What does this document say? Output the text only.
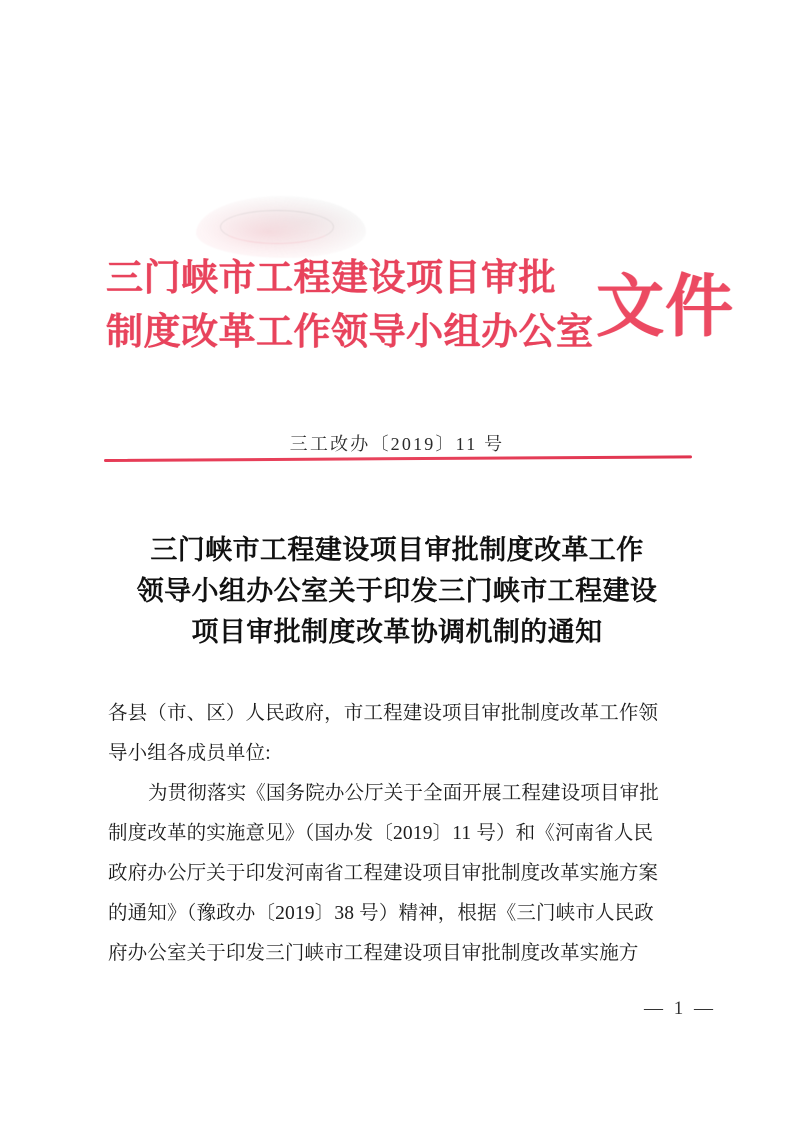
三门峡市工程建设项目审批
制度改革工作领导小组办公室 文件
三工改办〔2019〕11 号
三门峡市工程建设项目审批制度改革工作
领导小组办公室关于印发三门峡市工程建设
项目审批制度改革协调机制的通知
各县（市、区）人民政府，市工程建设项目审批制度改革工作领
导小组各成员单位:
为贯彻落实《国务院办公厅关于全面开展工程建设项目审批
制度改革的实施意见》（国办发〔2019〕11 号）和《河南省人民
政府办公厅关于印发河南省工程建设项目审批制度改革实施方案
的通知》（豫政办〔2019〕38 号）精神，根据《三门峡市人民政
府办公室关于印发三门峡市工程建设项目审批制度改革实施方
— 1 —
